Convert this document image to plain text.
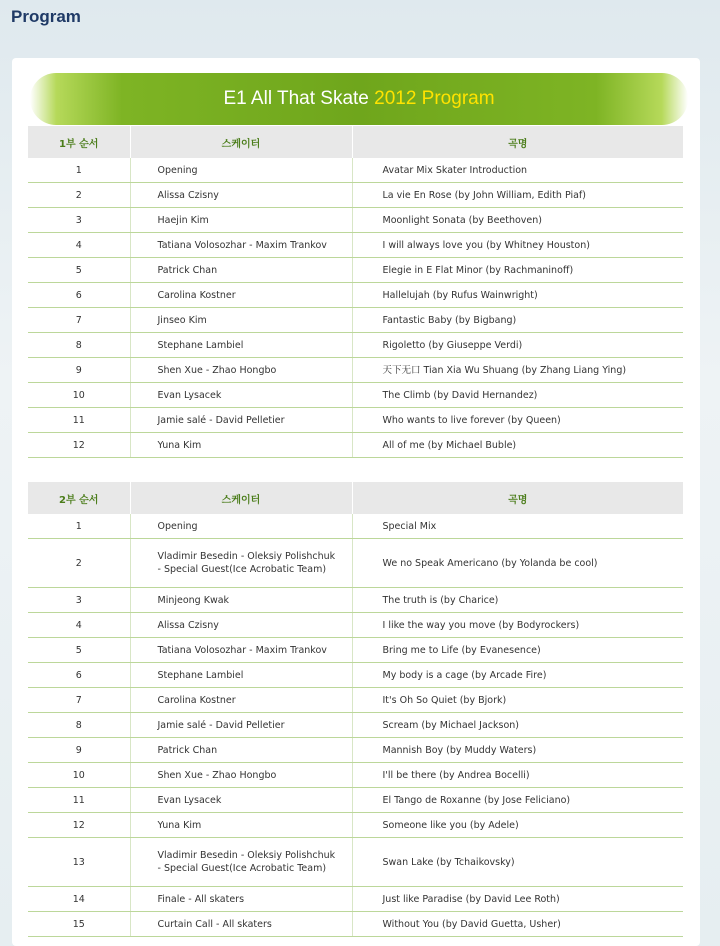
Program
E1 All That Skate 2012 Program
1부 순서	스케이터	곡명
1	Opening	Avatar Mix Skater Introduction
2	Alissa Czisny	La vie En Rose (by John William, Edith Piaf)
3	Haejin Kim	Moonlight Sonata (by Beethoven)
4	Tatiana Volosozhar - Maxim Trankov	I will always love you (by Whitney Houston)
5	Patrick Chan	Elegie in E Flat Minor (by Rachmaninoff)
6	Carolina Kostner	Hallelujah (by Rufus Wainwright)
7	Jinseo Kim	Fantastic Baby (by Bigbang)
8	Stephane Lambiel	Rigoletto (by Giuseppe Verdi)
9	Shen Xue - Zhao Hongbo	天下无口 Tian Xia Wu Shuang (by Zhang Liang Ying)
10	Evan Lysacek	The Climb (by David Hernandez)
11	Jamie salé - David Pelletier	Who wants to live forever (by Queen)
12	Yuna Kim	All of me (by Michael Buble)
2부 순서	스케이터	곡명
1	Opening	Special Mix
2	Vladimir Besedin - Oleksiy Polishchuk
- Special Guest(Ice Acrobatic Team)	We no Speak Americano (by Yolanda be cool)
3	Minjeong Kwak	The truth is (by Charice)
4	Alissa Czisny	I like the way you move (by Bodyrockers)
5	Tatiana Volosozhar - Maxim Trankov	Bring me to Life (by Evanesence)
6	Stephane Lambiel	My body is a cage (by Arcade Fire)
7	Carolina Kostner	It's Oh So Quiet (by Bjork)
8	Jamie salé - David Pelletier	Scream (by Michael Jackson)
9	Patrick Chan	Mannish Boy (by Muddy Waters)
10	Shen Xue - Zhao Hongbo	I'll be there (by Andrea Bocelli)
11	Evan Lysacek	El Tango de Roxanne (by Jose Feliciano)
12	Yuna Kim	Someone like you (by Adele)
13	Vladimir Besedin - Oleksiy Polishchuk
- Special Guest(Ice Acrobatic Team)	Swan Lake (by Tchaikovsky)
14	Finale - All skaters	Just like Paradise (by David Lee Roth)
15	Curtain Call - All skaters	Without You (by David Guetta, Usher)
